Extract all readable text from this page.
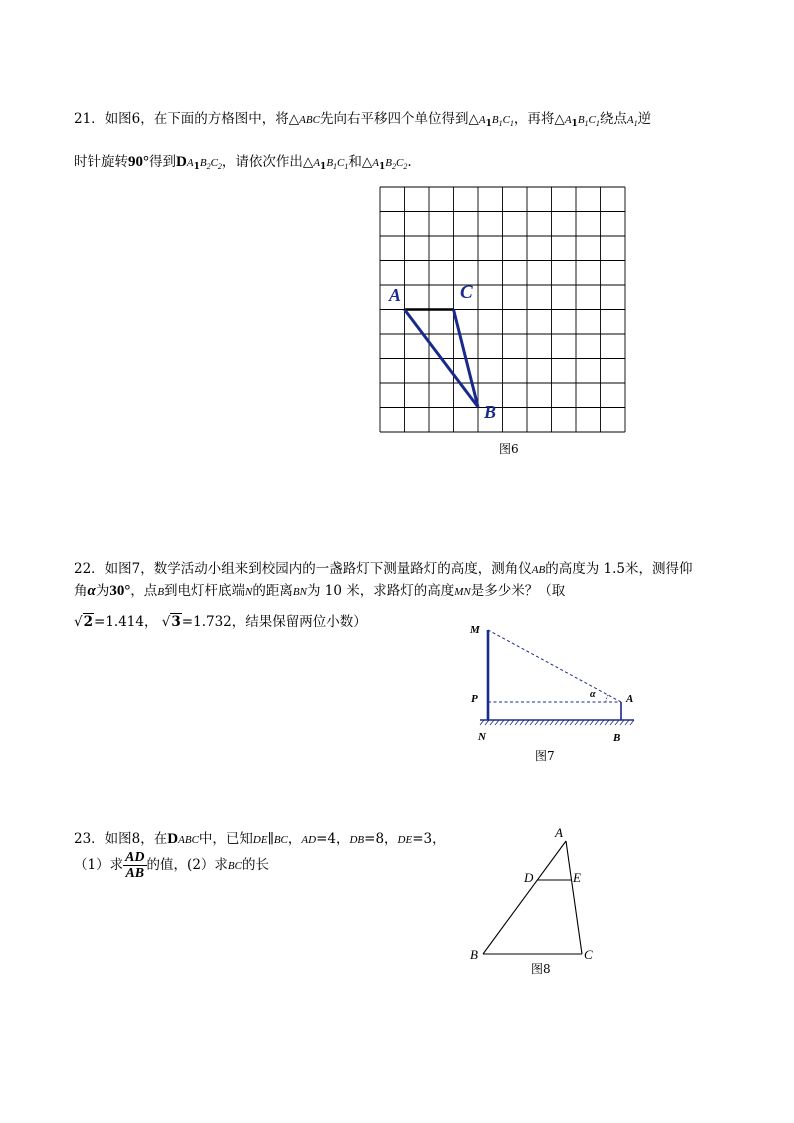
21．如图6，在下面的方格图中，将△ABC先向右平移四个单位得到$\triangle A_1B_1C_1$，再将$\triangle A_1B_1C_1$绕点$A_1$逆
时针旋转90°得到$DA_1B_2C_2$，请依次作出$\triangle A_1B_1C_1$和$\triangle A_1B_2C_2$.
A	C
B
图6
22．如图7，数学活动小组来到校园内的一盏路灯下测量路灯的高度，测角仪AB的高度为 1.5米，测得仰
角α为30°，点B到电灯杆底端N的距离BN为 10 米，求路灯的高度MN是多少米？（取
√2=1.414， √3=1.732，结果保留两位小数）	M
P	α	A
N	B
图7
23．如图8，在DABC中，已知DE∥BC，AD=4，DB=8，DE=3，
（1）求 $\frac{AD}{AB}$ 的值，(2）求BC的长
A
D	E
B	C
图8
